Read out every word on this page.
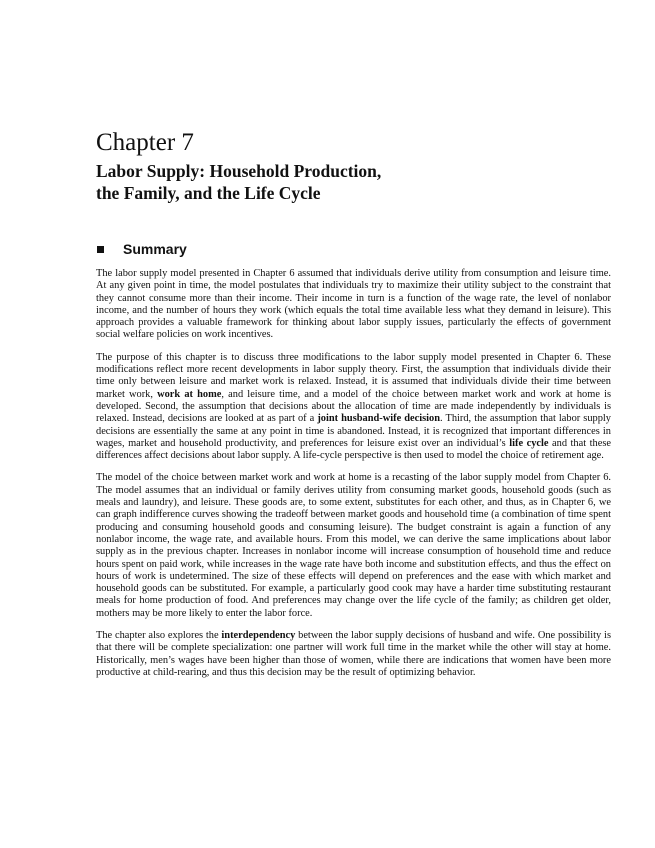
Chapter 7
Labor Supply: Household Production,
the Family, and the Life Cycle
Summary

The labor supply model presented in Chapter 6 assumed that individuals derive utility from consumption and leisure time. At any given point in time, the model postulates that individuals try to maximize their utility subject to the constraint that they cannot consume more than their income. Their income in turn is a function of the wage rate, the level of nonlabor income, and the number of hours they work (which equals the total time available less what they demand in leisure). This approach provides a valuable framework for thinking about labor supply issues, particularly the effects of government social welfare policies on work incentives.

The purpose of this chapter is to discuss three modifications to the labor supply model presented in Chapter 6. These modifications reflect more recent developments in labor supply theory. First, the assumption that individuals divide their time only between leisure and market work is relaxed. Instead, it is assumed that individuals divide their time between market work, work at home, and leisure time, and a model of the choice between market work and work at home is developed. Second, the assumption that decisions about the allocation of time are made independently by individuals is relaxed. Instead, decisions are looked at as part of a joint husband-wife decision. Third, the assumption that labor supply decisions are essentially the same at any point in time is abandoned. Instead, it is recognized that important differences in wages, market and household productivity, and preferences for leisure exist over an individual’s life cycle and that these differences affect decisions about labor supply. A life-cycle perspective is then used to model the choice of retirement age.

The model of the choice between market work and work at home is a recasting of the labor supply model from Chapter 6. The model assumes that an individual or family derives utility from consuming market goods, household goods (such as meals and laundry), and leisure. These goods are, to some extent, substitutes for each other, and thus, as in Chapter 6, we can graph indifference curves showing the tradeoff between market goods and household time (a combination of time spent producing and consuming household goods and consuming leisure). The budget constraint is again a function of any nonlabor income, the wage rate, and available hours. From this model, we can derive the same implications about labor supply as in the previous chapter. Increases in nonlabor income will increase consumption of household time and reduce hours spent on paid work, while increases in the wage rate have both income and substitution effects, and thus the effect on hours of work is undetermined. The size of these effects will depend on preferences and the ease with which market and household goods can be substituted. For example, a particularly good cook may have a harder time substituting restaurant meals for home production of food. And preferences may change over the life cycle of the family; as children get older, mothers may be more likely to enter the labor force.

The chapter also explores the interdependency between the labor supply decisions of husband and wife. One possibility is that there will be complete specialization: one partner will work full time in the market while the other will stay at home. Historically, men’s wages have been higher than those of women, while there are indications that women have been more productive at child-rearing, and thus this decision may be the result of optimizing behavior.
